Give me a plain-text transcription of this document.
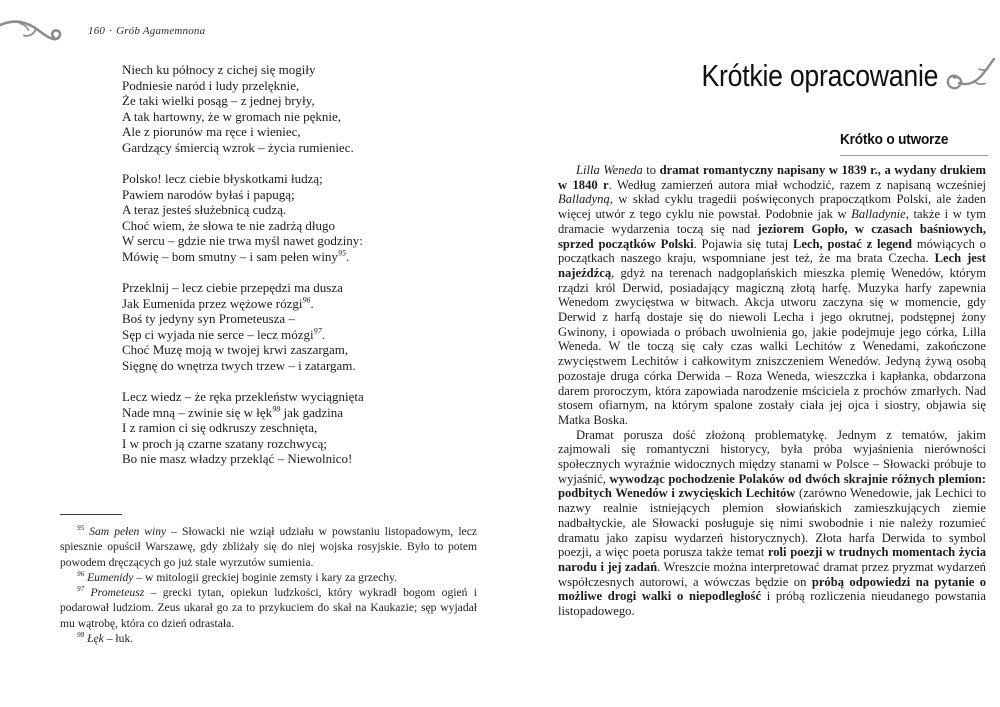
160 · Grób Agamemnona
Niech ku północy z cichej się mogiły
Podniesie naród i ludy przelęknie,
Że taki wielki posąg – z jednej bryły,
A tak hartowny, że w gromach nie pęknie,
Ale z piorunów ma ręce i wieniec,
Gardzący śmiercią wzrok – życia rumieniec.
Polsko! lecz ciebie błyskotkami łudzą;
Pawiem narodów byłaś i papugą;
A teraz jesteś służebnicą cudzą.
Choć wiem, że słowa te nie zadrżą długo
W sercu – gdzie nie trwa myśl nawet godziny:
Mówię – bom smutny – i sam pełen winy$^{95}$.
Przeklnij – lecz ciebie przepędzi ma dusza
Jak Eumenida przez wężowe rózgi$^{96}$.
Boś ty jedyny syn Prometeusza –
Sęp ci wyjada nie serce – lecz mózgi$^{97}$.
Choć Muzę moją w twojej krwi zaszargam,
Sięgnę do wnętrza twych trzew – i zatargam.
Lecz wiedz – że ręka przekleństw wyciągnięta
Nade mną – zwinie się w łęk$^{98}$ jak gadzina
I z ramion ci się odkruszy zeschnięta,
I w proch ją czarne szatany rozchwycą;
Bo nie masz władzy przekląć – Niewolnico!

$^{95}$ Sam pełen winy – Słowacki nie wziął udziału w powstaniu listopadowym, lecz spiesznie opuścił Warszawę, gdy zbliżały się do niej wojska rosyjskie. Było to potem powodem dręczących go już stale wyrzutów sumienia.

$^{96}$ Eumenidy – w mitologii greckiej boginie zemsty i kary za grzechy.

$^{97}$ Prometeusz – grecki tytan, opiekun ludzkości, który wykradł bogom ogień i podarował ludziom. Zeus ukarał go za to przykuciem do skał na Kaukazie; sęp wyjadał mu wątrobę, która co dzień odrastała.

$^{98}$ Łęk – łuk.

Krótkie opracowanie
Krótko o utworze

Lilla Weneda to dramat romantyczny napisany w 1839 r., a wydany drukiem w 1840 r. Według zamierzeń autora miał wchodzić, razem z napisaną wcześniej Balladyną, w skład cyklu tragedii poświęconych prapoczątkom Polski, ale żaden więcej utwór z tego cyklu nie powstał. Podobnie jak w Balladynie, także i w tym dramacie wydarzenia toczą się nad jeziorem Gopło, w czasach baśniowych, sprzed początków Polski. Pojawia się tutaj Lech, postać z legend mówiących o początkach naszego kraju, wspomniane jest też, że ma brata Czecha. Lech jest najeźdźcą, gdyż na terenach nadgoplańskich mieszka plemię Wenedów, którym rządzi król Derwid, posiadający magiczną złotą harfę. Muzyka harfy zapewnia Wenedom zwycięstwa w bitwach. Akcja utworu zaczyna się w momencie, gdy Derwid z harfą dostaje się do niewoli Lecha i jego okrutnej, podstępnej żony Gwinony, i opowiada o próbach uwolnienia go, jakie podejmuje jego córka, Lilla Weneda. W tle toczą się cały czas walki Lechitów z Wenedami, zakończone zwycięstwem Lechitów i całkowitym zniszczeniem Wenedów. Jedyną żywą osobą pozostaje druga córka Derwida – Roza Weneda, wieszczka i kapłanka, obdarzona darem proroczym, która zapowiada narodzenie mściciela z prochów zmarłych. Nad stosem ofiarnym, na którym spalone zostały ciała jej ojca i siostry, objawia się Matka Boska.

Dramat porusza dość złożoną problematykę. Jednym z tematów, jakim zajmowali się romantyczni historycy, była próba wyjaśnienia nierówności społecznych wyraźnie widocznych między stanami w Polsce – Słowacki próbuje to wyjaśnić, wywodząc pochodzenie Polaków od dwóch skrajnie różnych plemion: podbitych Wenedów i zwycięskich Lechitów (zarówno Wenedowie, jak Lechici to nazwy realnie istniejących plemion słowiańskich zamieszkujących ziemie nadbałtyckie, ale Słowacki posługuje się nimi swobodnie i nie należy rozumieć dramatu jako zapisu wydarzeń historycznych). Złota harfa Derwida to symbol poezji, a więc poeta porusza także temat roli poezji w trudnych momentach życia narodu i jej zadań. Wreszcie można interpretować dramat przez pryzmat wydarzeń współczesnych autorowi, a wówczas będzie on próbą odpowiedzi na pytanie o możliwe drogi walki o niepodległość i próbą rozliczenia nieudanego powstania listopadowego.
